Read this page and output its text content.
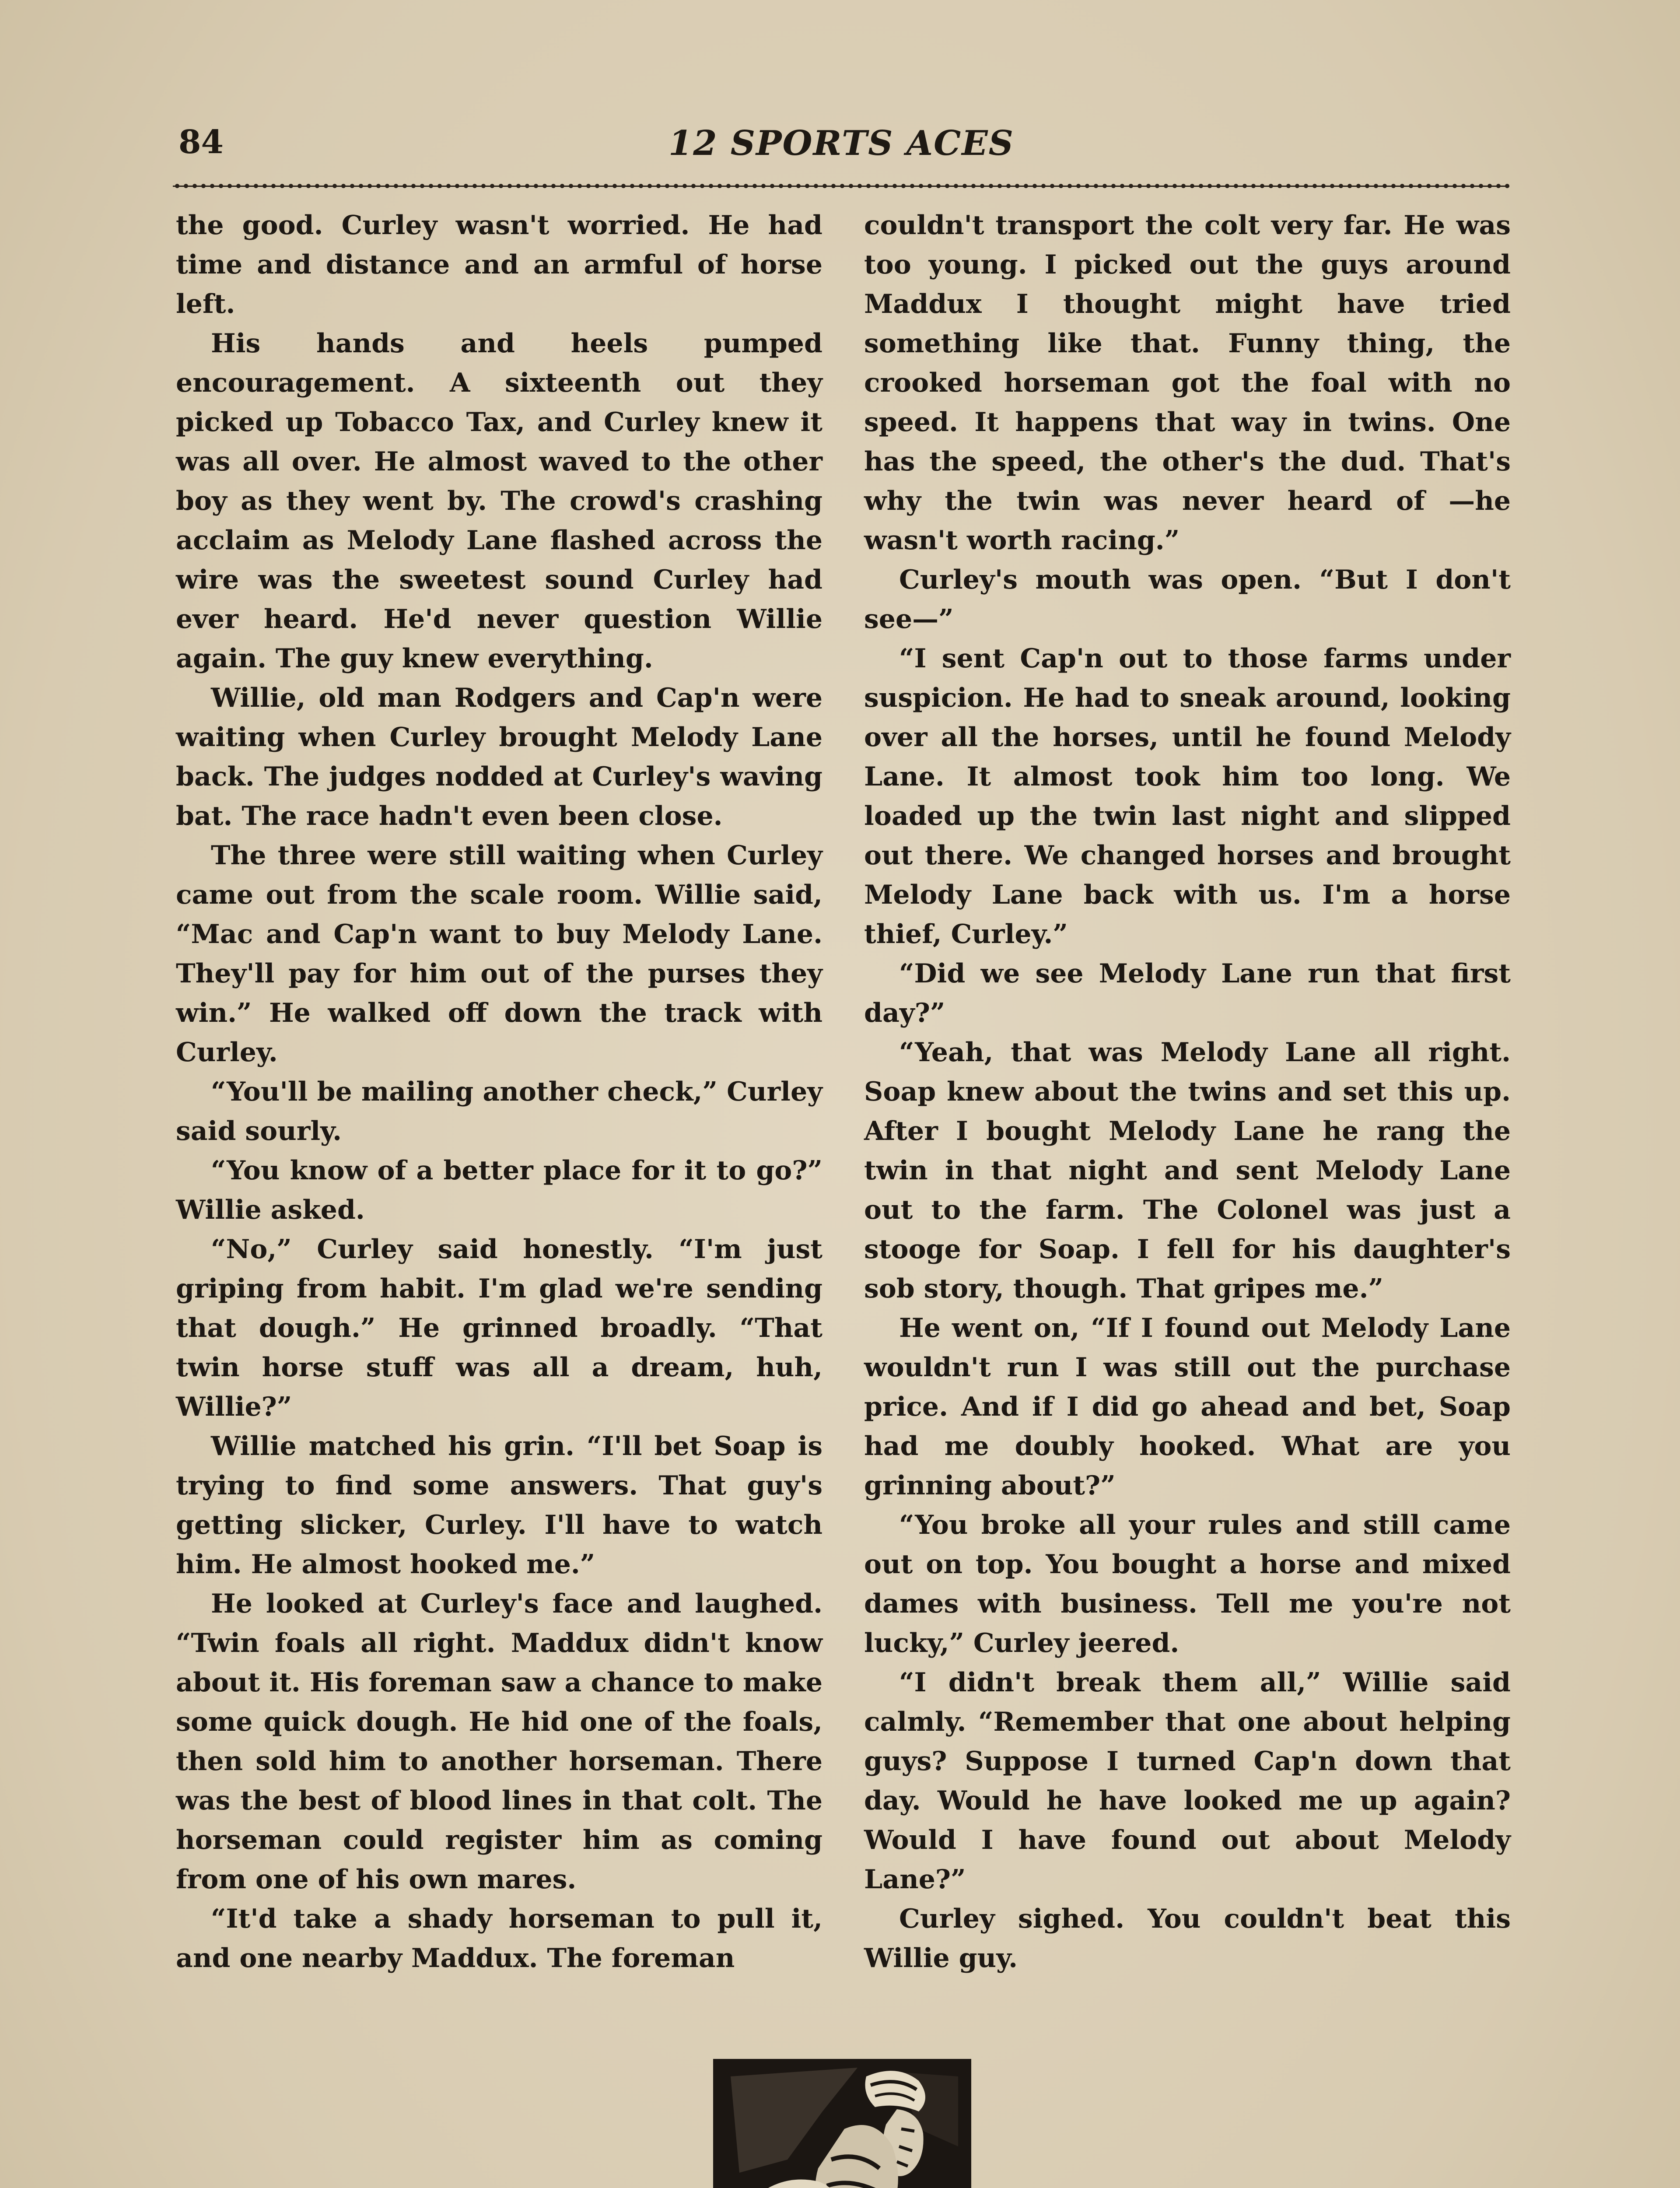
84	12 SPORTS ACES

the good. Curley wasn't worried. He had time and distance and an armful of horse left.

His hands and heels pumped encouragement. A sixteenth out they picked up Tobacco Tax, and Curley knew it was all over. He almost waved to the other boy as they went by. The crowd's crashing acclaim as Melody Lane flashed across the wire was the sweetest sound Curley had ever heard. He'd never question Willie again. The guy knew everything.

Willie, old man Rodgers and Cap'n were waiting when Curley brought Melody Lane back. The judges nodded at Curley's waving bat. The race hadn't even been close.

The three were still waiting when Curley came out from the scale room. Willie said, “Mac and Cap'n want to buy Melody Lane. They'll pay for him out of the purses they win.” He walked off down the track with Curley.

“You'll be mailing another check,” Curley said sourly.

“You know of a better place for it to go?” Willie asked.

“No,” Curley said honestly. “I'm just griping from habit. I'm glad we're sending that dough.” He grinned broadly. “That twin horse stuff was all a dream, huh, Willie?”

Willie matched his grin. “I'll bet Soap is trying to find some answers. That guy's getting slicker, Curley. I'll have to watch him. He almost hooked me.”

He looked at Curley's face and laughed. “Twin foals all right. Maddux didn't know about it. His foreman saw a chance to make some quick dough. He hid one of the foals, then sold him to another horseman. There was the best of blood lines in that colt. The horseman could register him as coming from one of his own mares.

“It'd take a shady horseman to pull it, and one nearby Maddux. The foreman

couldn't transport the colt very far. He was too young. I picked out the guys around Maddux I thought might have tried something like that. Funny thing, the crooked horseman got the foal with no speed. It happens that way in twins. One has the speed, the other's the dud. That's why the twin was never heard of —he wasn't worth racing.”

Curley's mouth was open. “But I don't see—”

“I sent Cap'n out to those farms under suspicion. He had to sneak around, looking over all the horses, until he found Melody Lane. It almost took him too long. We loaded up the twin last night and slipped out there. We changed horses and brought Melody Lane back with us. I'm a horse thief, Curley.”

“Did we see Melody Lane run that first day?”

“Yeah, that was Melody Lane all right. Soap knew about the twins and set this up. After I bought Melody Lane he rang the twin in that night and sent Melody Lane out to the farm. The Colonel was just a stooge for Soap. I fell for his daughter's sob story, though. That gripes me.”

He went on, “If I found out Melody Lane wouldn't run I was still out the purchase price. And if I did go ahead and bet, Soap had me doubly hooked. What are you grinning about?”

“You broke all your rules and still came out on top. You bought a horse and mixed dames with business. Tell me you're not lucky,” Curley jeered.

“I didn't break them all,” Willie said calmly. “Remember that one about helping guys? Suppose I turned Cap'n down that day. Would he have looked me up again? Would I have found out about Melody Lane?”

Curley sighed. You couldn't beat this Willie guy.
